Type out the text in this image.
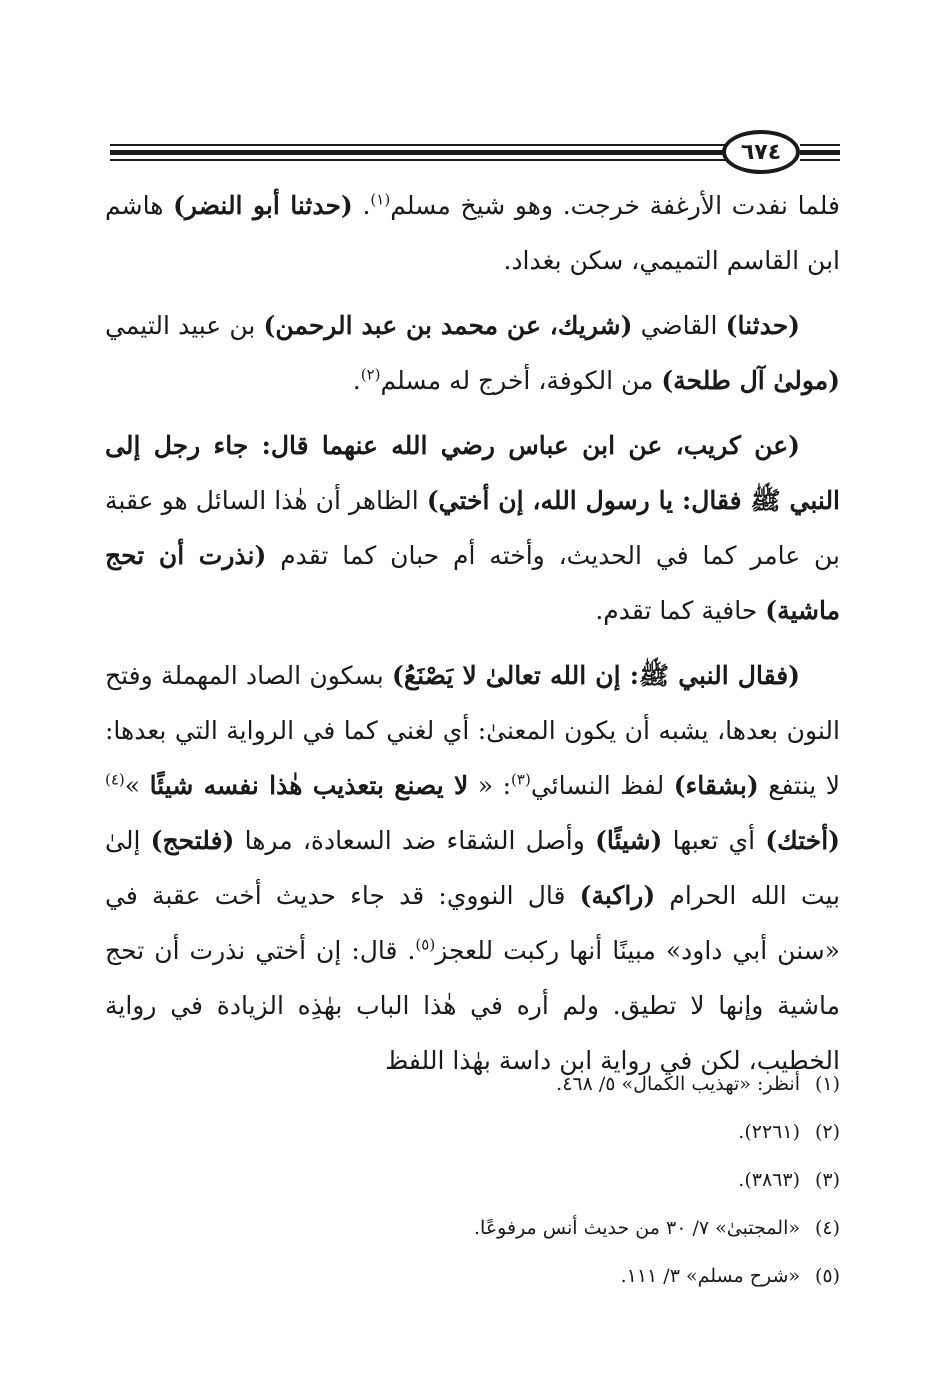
٦٧٤

فلما نفدت الأرغفة خرجت. وهو شيخ مسلم$^{(١)}$. (حدثنا أبو النضر) هاشم ابن القاسم التميمي، سكن بغداد.

(حدثنا) القاضي (شريك، عن محمد بن عبد الرحمن) بن عبيد التيمي (مولىٰ آل طلحة) من الكوفة، أخرج له مسلم$^{(٢)}$.

(عن كريب، عن ابن عباس رضي الله عنهما قال: جاء رجل إلى النبي ﷺ فقال: يا رسول الله، إن أختي) الظاهر أن هٰذا السائل هو عقبة بن عامر كما في الحديث، وأخته أم حبان كما تقدم (نذرت أن تحج ماشية) حافية كما تقدم.

(فقال النبي ﷺ: إن الله تعالىٰ لا يَصْنَعُ) بسكون الصاد المهملة وفتح النون بعدها، يشبه أن يكون المعنىٰ: أي لغني كما في الرواية التي بعدها: لا ينتفع (بشقاء) لفظ النسائي$^{(٣)}$: « لا يصنع بتعذيب هٰذا نفسه شيئًا »$^{(٤)}$ (أختك) أي تعبها (شيئًا) وأصل الشقاء ضد السعادة، مرها (فلتحج) إلىٰ بيت الله الحرام (راكبة) قال النووي: قد جاء حديث أخت عقبة في «سنن أبي داود» مبينًا أنها ركبت للعجز$^{(٥)}$. قال: إن أختي نذرت أن تحج ماشية وإنها لا تطيق. ولم أره في هٰذا الباب بهٰذِه الزيادة في رواية الخطيب، لكن في رواية ابن داسة بهٰذا اللفظ

(١)
أنظر: «تهذيب الكمال» ٥/ ٤٦٨.
(٢)
(٢٢٦١).
(٣)
(٣٨٦٣).
(٤)
«المجتبىٰ» ٧/ ٣٠ من حديث أنس مرفوعًا.
(٥)
«شرح مسلم» ٣/ ١١١.
